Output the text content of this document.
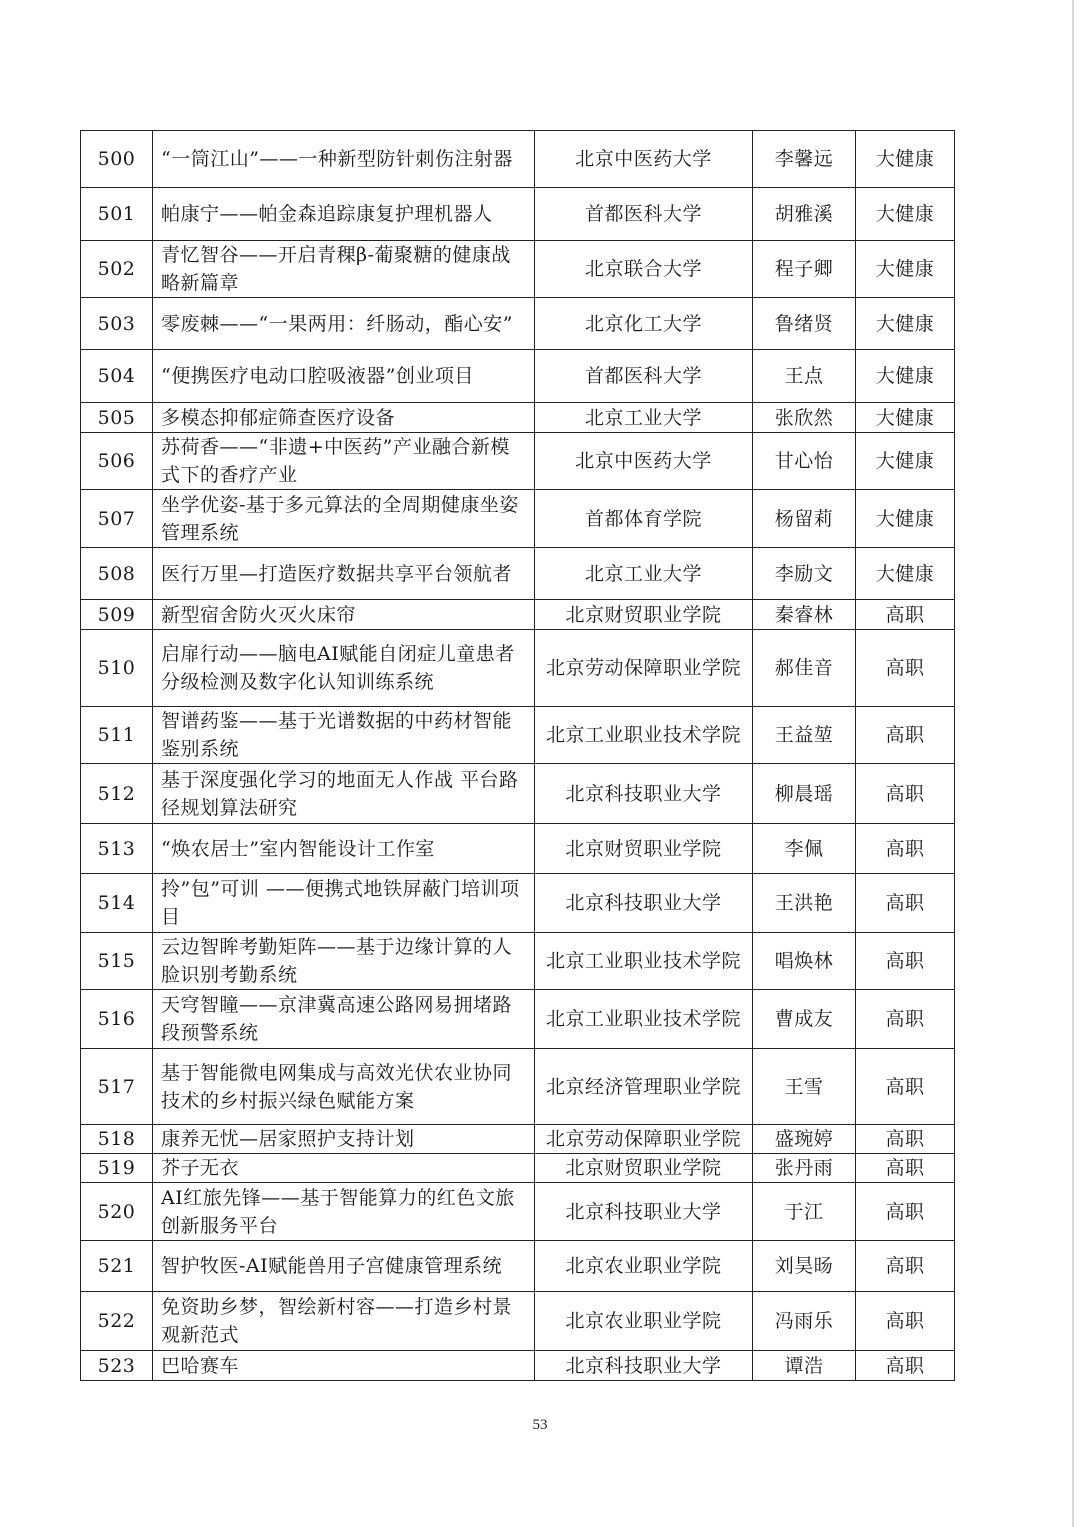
500	“一筒江山”——一种新型防针刺伤注射器	北京中医药大学	李馨远	大健康
501	帕康宁——帕金森追踪康复护理机器人	首都医科大学	胡雅溪	大健康
502	青忆智谷——开启青稞β-葡聚糖的健康战略新篇章	北京联合大学	程子卿	大健康
503	零废棘——“一果两用：纤肠动，酯心安”	北京化工大学	鲁绪贤	大健康
504	“便携医疗电动口腔吸液器”创业项目	首都医科大学	王点	大健康
505	多模态抑郁症筛查医疗设备	北京工业大学	张欣然	大健康
506	苏荷香——“非遗+中医药”产业融合新模式下的香疗产业	北京中医药大学	甘心怡	大健康
507	坐学优姿-基于多元算法的全周期健康坐姿管理系统	首都体育学院	杨留莉	大健康
508	医行万里—打造医疗数据共享平台领航者	北京工业大学	李励文	大健康
509	新型宿舍防火灭火床帘	北京财贸职业学院	秦睿林	高职
510	启扉行动——脑电AI赋能自闭症儿童患者分级检测及数字化认知训练系统	北京劳动保障职业学院	郝佳音	高职
511	智谱药鉴——基于光谱数据的中药材智能鉴别系统	北京工业职业技术学院	王益堃	高职
512	基于深度强化学习的地面无人作战 平台路径规划算法研究	北京科技职业大学	柳晨瑶	高职
513	“焕农居士”室内智能设计工作室	北京财贸职业学院	李佩	高职
514	拎”包”可训 ——便携式地铁屏蔽门培训项目	北京科技职业大学	王洪艳	高职
515	云边智眸考勤矩阵——基于边缘计算的人脸识别考勤系统	北京工业职业技术学院	唱焕林	高职
516	天穹智瞳——京津冀高速公路网易拥堵路段预警系统	北京工业职业技术学院	曹成友	高职
517	基于智能微电网集成与高效光伏农业协同技术的乡村振兴绿色赋能方案	北京经济管理职业学院	王雪	高职
518	康养无忧—居家照护支持计划	北京劳动保障职业学院	盛琬婷	高职
519	芥子无衣	北京财贸职业学院	张丹雨	高职
520	AI红旅先锋——基于智能算力的红色文旅创新服务平台	北京科技职业大学	于江	高职
521	智护牧医-AI赋能兽用子宫健康管理系统	北京农业职业学院	刘昊旸	高职
522	免资助乡梦，智绘新村容——打造乡村景观新范式	北京农业职业学院	冯雨乐	高职
523	巴哈赛车	北京科技职业大学	谭浩	高职
53
